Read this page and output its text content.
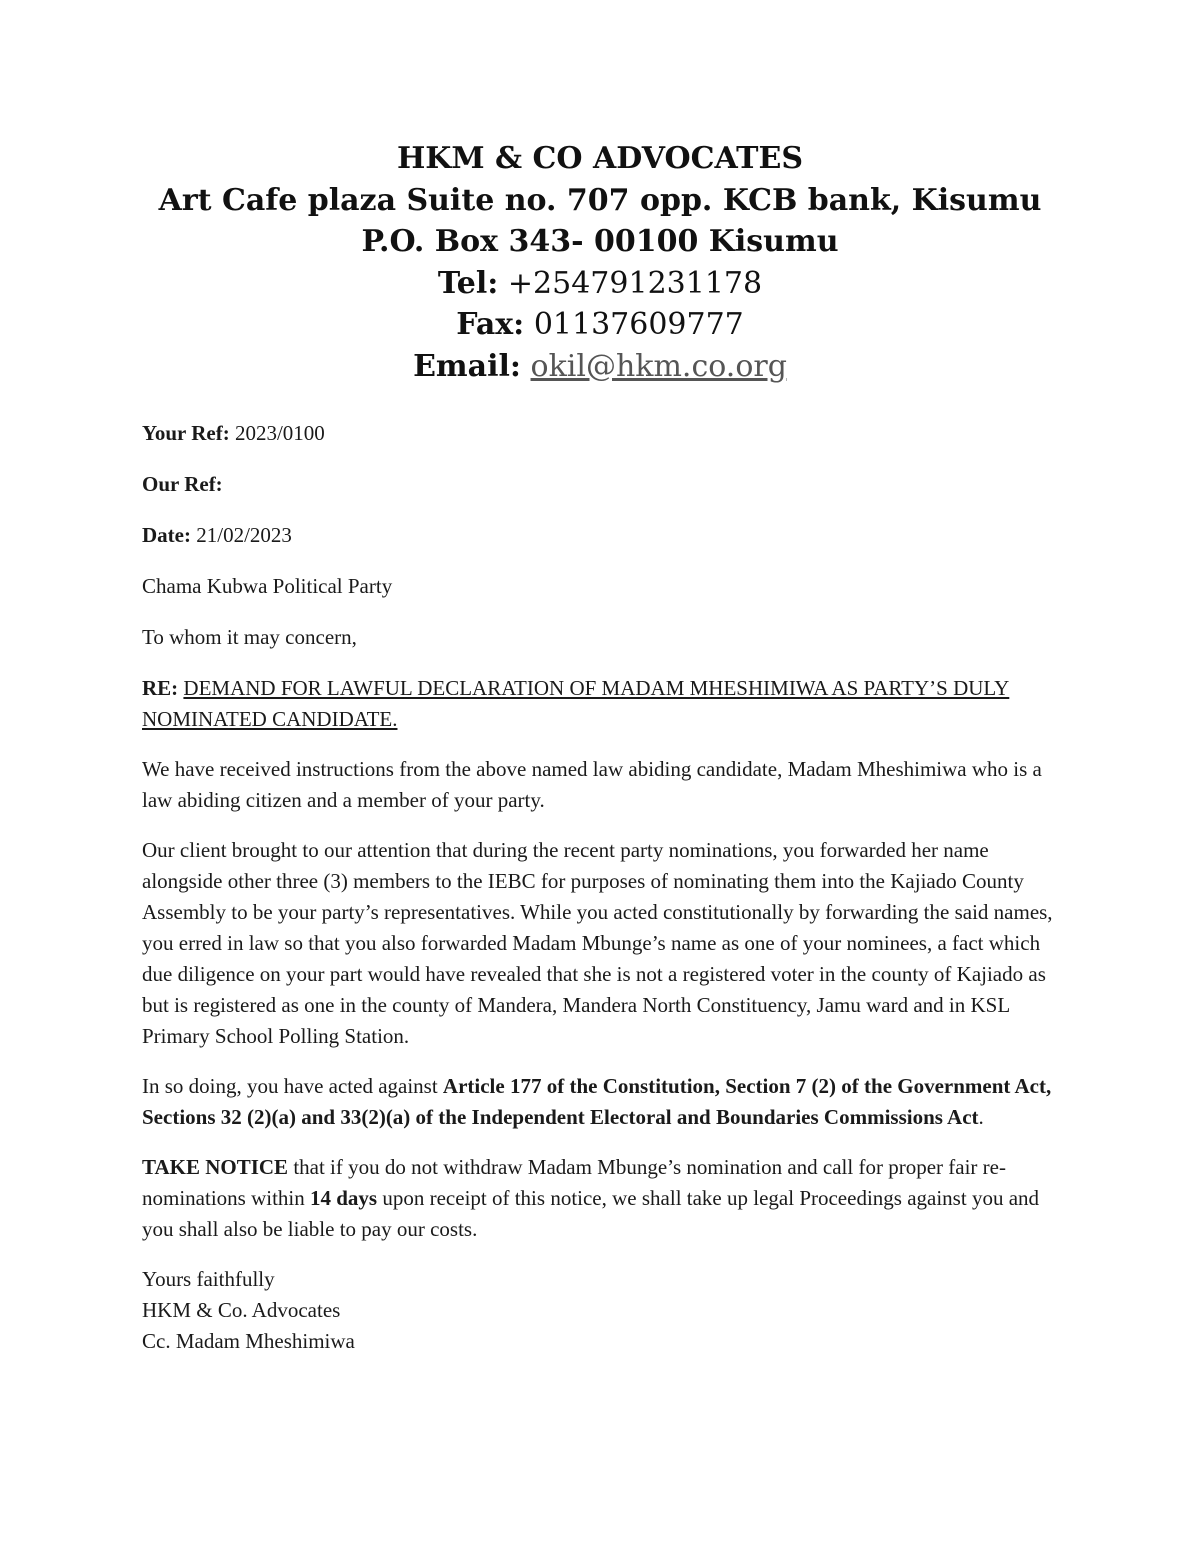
HKM & CO ADVOCATES
Art Cafe plaza Suite no. 707 opp. KCB bank, Kisumu
P.O. Box 343- 00100 Kisumu
Tel: +254791231178
Fax: 01137609777
Email: okil@hkm.co.org

Your Ref: 2023/0100

Our Ref:

Date: 21/02/2023

Chama Kubwa Political Party

To whom it may concern,

RE: DEMAND FOR LAWFUL DECLARATION OF MADAM MHESHIMIWA AS PARTY’S DULY NOMINATED CANDIDATE.

We have received instructions from the above named law abiding candidate, Madam Mheshimiwa who is a law abiding citizen and a member of your party.

Our client brought to our attention that during the recent party nominations, you forwarded her name alongside other three (3) members to the IEBC for purposes of nominating them into the Kajiado County Assembly to be your party’s representatives. While you acted constitutionally by forwarding the said names, you erred in law so that you also forwarded Madam Mbunge’s name as one of your nominees, a fact which due diligence on your part would have revealed that she is not a registered voter in the county of Kajiado as but is registered as one in the county of Mandera, Mandera North Constituency, Jamu ward and in KSL Primary School Polling Station.

In so doing, you have acted against Article 177 of the Constitution, Section 7 (2) of the Government Act, Sections 32 (2)(a) and 33(2)(a) of the Independent Electoral and Boundaries Commissions Act.

TAKE NOTICE that if you do not withdraw Madam Mbunge’s nomination and call for proper fair re-nominations within 14 days upon receipt of this notice, we shall take up legal Proceedings against you and you shall also be liable to pay our costs.

Yours faithfully

HKM & Co. Advocates

Cc. Madam Mheshimiwa
